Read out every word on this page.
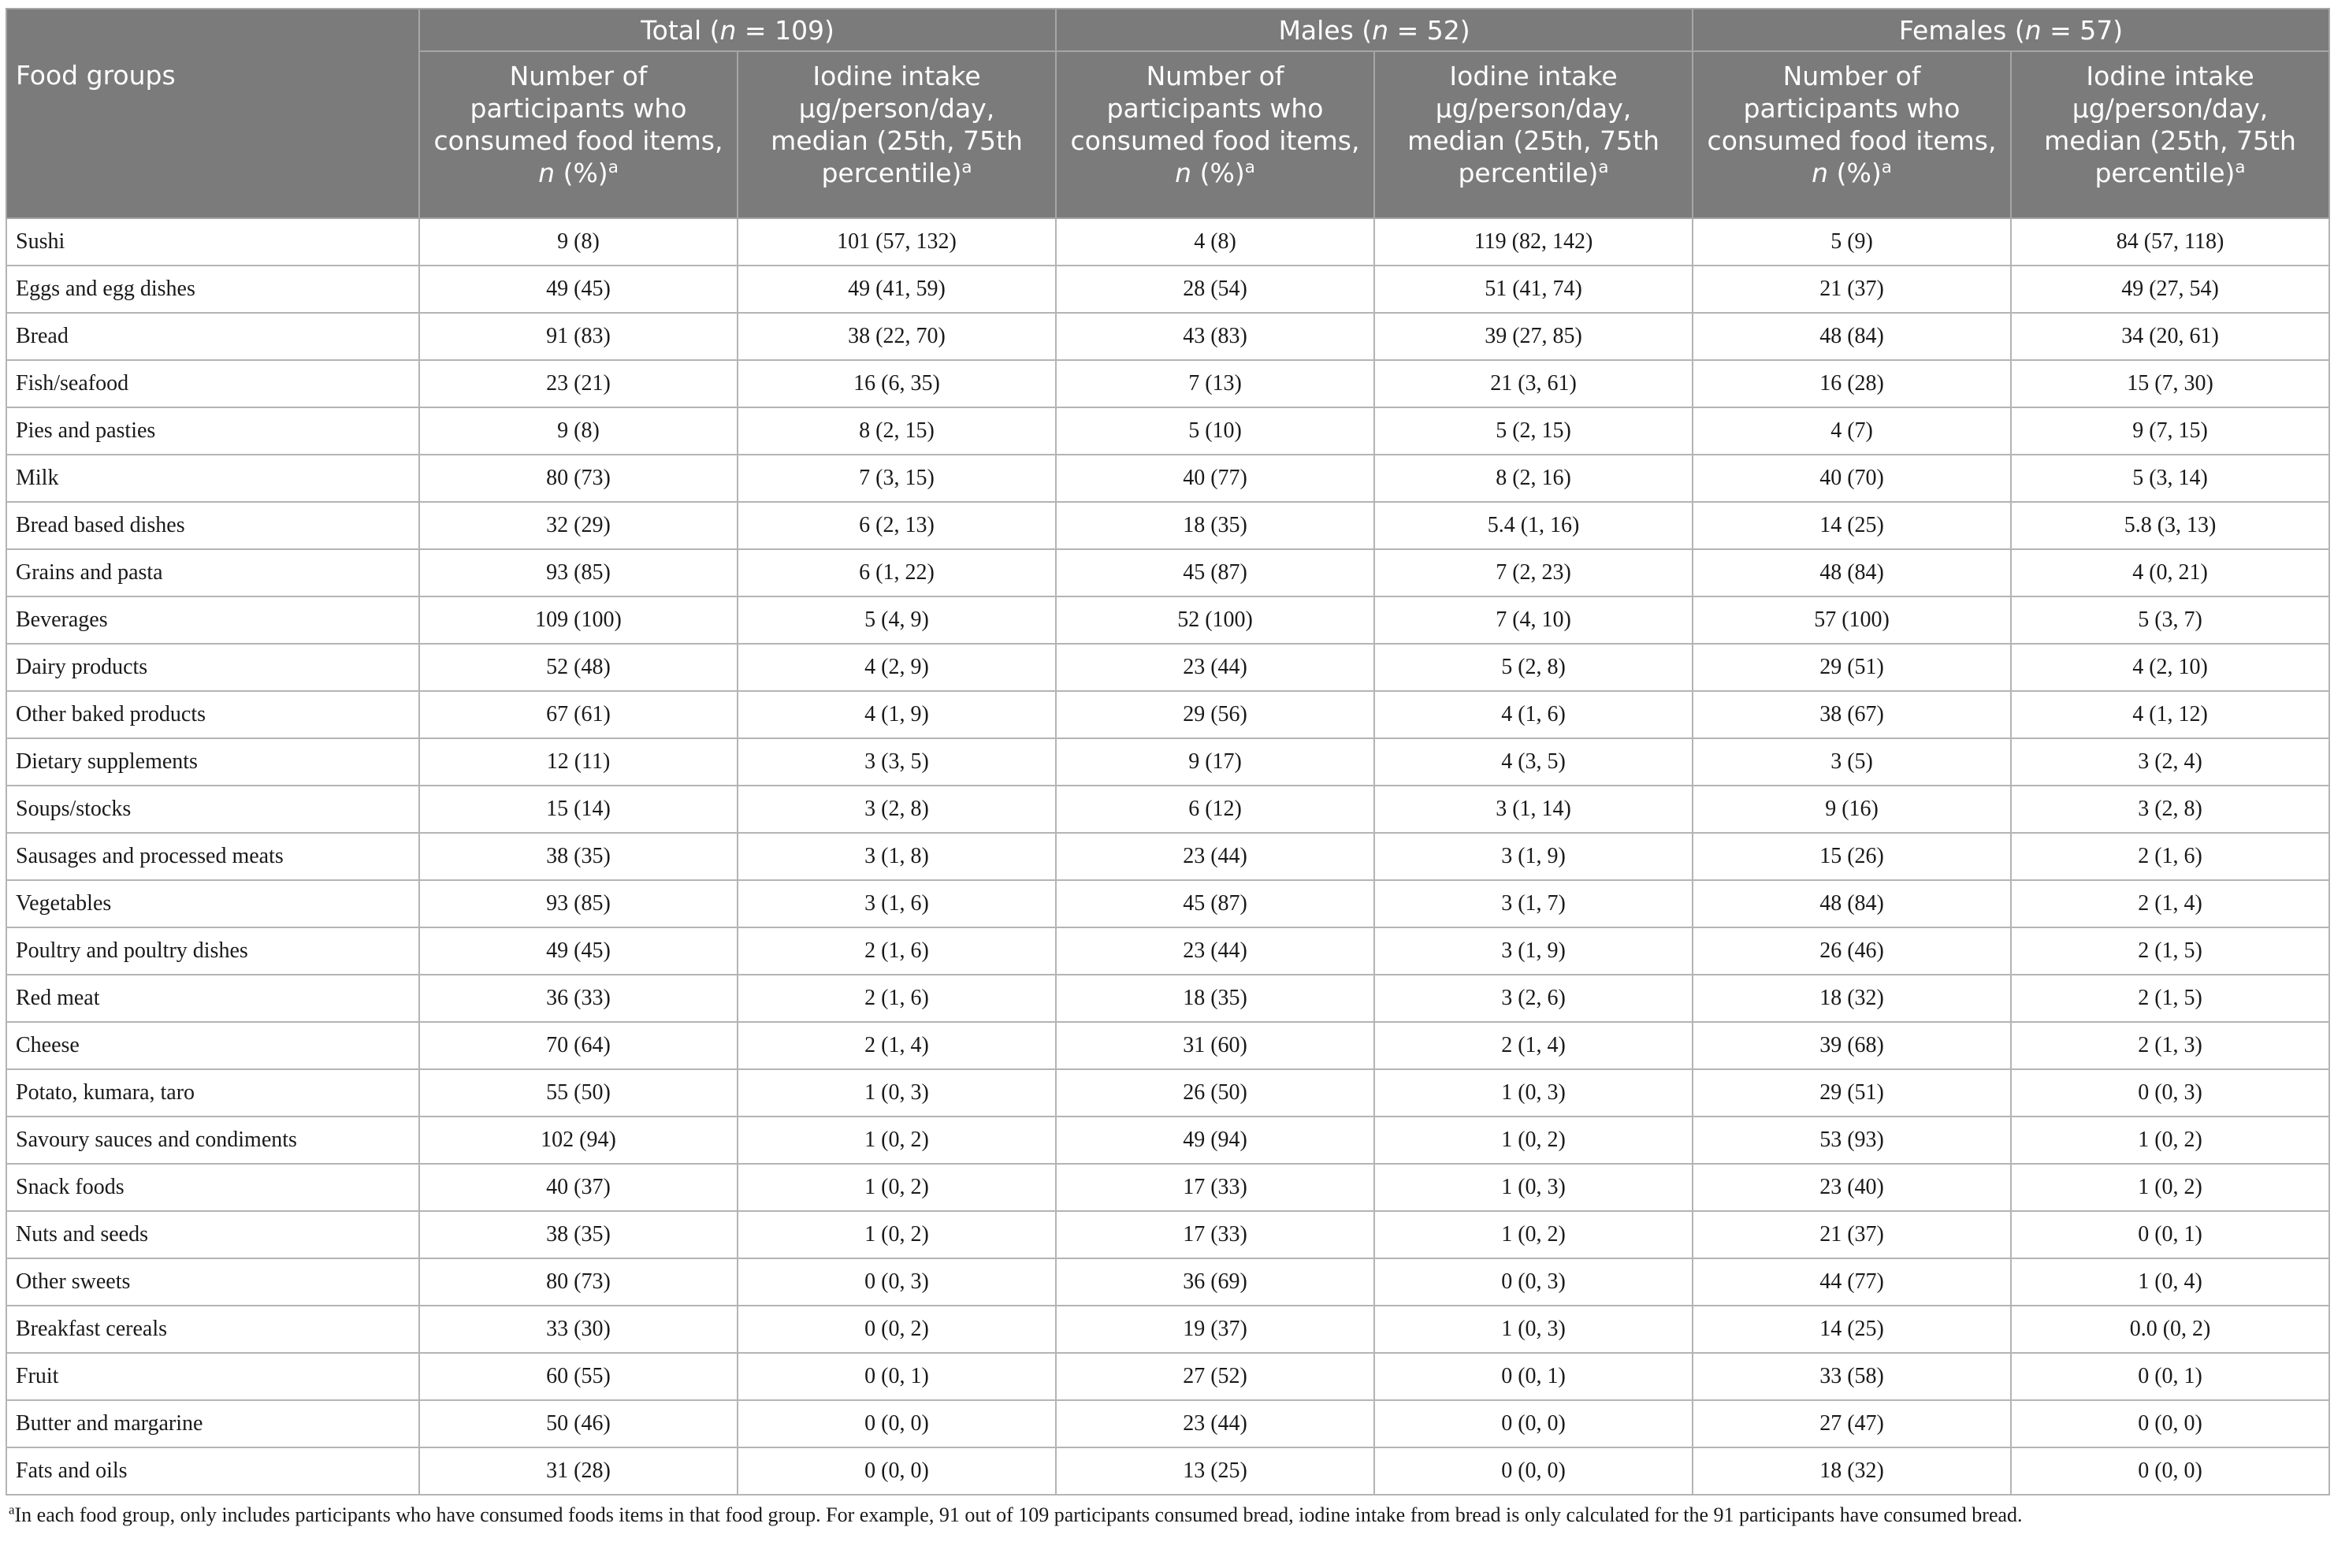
	Total (n = 109)		Males (n = 52)		Females (n = 57)	
Food groups	Number of participants who consumed food items, n (%)$^a$	Iodine intake μg/person/day, median (25th, 75th percentile)$^a$	Number of participants who consumed food items, n (%)$^a$	Iodine intake μg/person/day, median (25th, 75th percentile)$^a$	Number of participants who consumed food items, n (%)$^a$	Iodine intake μg/person/day, median (25th, 75th percentile)$^a$
Sushi	9 (8)	101 (57, 132)	4 (8)	119 (82, 142)	5 (9)	84 (57, 118)
Eggs and egg dishes	49 (45)	49 (41, 59)	28 (54)	51 (41, 74)	21 (37)	49 (27, 54)
Bread	91 (83)	38 (22, 70)	43 (83)	39 (27, 85)	48 (84)	34 (20, 61)
Fish/seafood	23 (21)	16 (6, 35)	7 (13)	21 (3, 61)	16 (28)	15 (7, 30)
Pies and pasties	9 (8)	8 (2, 15)	5 (10)	5 (2, 15)	4 (7)	9 (7, 15)
Milk	80 (73)	7 (3, 15)	40 (77)	8 (2, 16)	40 (70)	5 (3, 14)
Bread based dishes	32 (29)	6 (2, 13)	18 (35)	5.4 (1, 16)	14 (25)	5.8 (3, 13)
Grains and pasta	93 (85)	6 (1, 22)	45 (87)	7 (2, 23)	48 (84)	4 (0, 21)
Beverages	109 (100)	5 (4, 9)	52 (100)	7 (4, 10)	57 (100)	5 (3, 7)
Dairy products	52 (48)	4 (2, 9)	23 (44)	5 (2, 8)	29 (51)	4 (2, 10)
Other baked products	67 (61)	4 (1, 9)	29 (56)	4 (1, 6)	38 (67)	4 (1, 12)
Dietary supplements	12 (11)	3 (3, 5)	9 (17)	4 (3, 5)	3 (5)	3 (2, 4)
Soups/stocks	15 (14)	3 (2, 8)	6 (12)	3 (1, 14)	9 (16)	3 (2, 8)
Sausages and processed meats	38 (35)	3 (1, 8)	23 (44)	3 (1, 9)	15 (26)	2 (1, 6)
Vegetables	93 (85)	3 (1, 6)	45 (87)	3 (1, 7)	48 (84)	2 (1, 4)
Poultry and poultry dishes	49 (45)	2 (1, 6)	23 (44)	3 (1, 9)	26 (46)	2 (1, 5)
Red meat	36 (33)	2 (1, 6)	18 (35)	3 (2, 6)	18 (32)	2 (1, 5)
Cheese	70 (64)	2 (1, 4)	31 (60)	2 (1, 4)	39 (68)	2 (1, 3)
Potato, kumara, taro	55 (50)	1 (0, 3)	26 (50)	1 (0, 3)	29 (51)	0 (0, 3)
Savoury sauces and condiments	102 (94)	1 (0, 2)	49 (94)	1 (0, 2)	53 (93)	1 (0, 2)
Snack foods	40 (37)	1 (0, 2)	17 (33)	1 (0, 3)	23 (40)	1 (0, 2)
Nuts and seeds	38 (35)	1 (0, 2)	17 (33)	1 (0, 2)	21 (37)	0 (0, 1)
Other sweets	80 (73)	0 (0, 3)	36 (69)	0 (0, 3)	44 (77)	1 (0, 4)
Breakfast cereals	33 (30)	0 (0, 2)	19 (37)	1 (0, 3)	14 (25)	0.0 (0, 2)
Fruit	60 (55)	0 (0, 1)	27 (52)	0 (0, 1)	33 (58)	0 (0, 1)
Butter and margarine	50 (46)	0 (0, 0)	23 (44)	0 (0, 0)	27 (47)	0 (0, 0)
Fats and oils	31 (28)	0 (0, 0)	13 (25)	0 (0, 0)	18 (32)	0 (0, 0)
$^a$In each food group, only includes participants who have consumed foods items in that food group. For example, 91 out of 109 participants consumed bread, iodine intake from bread is only calculated for the 91 participants have consumed bread.
